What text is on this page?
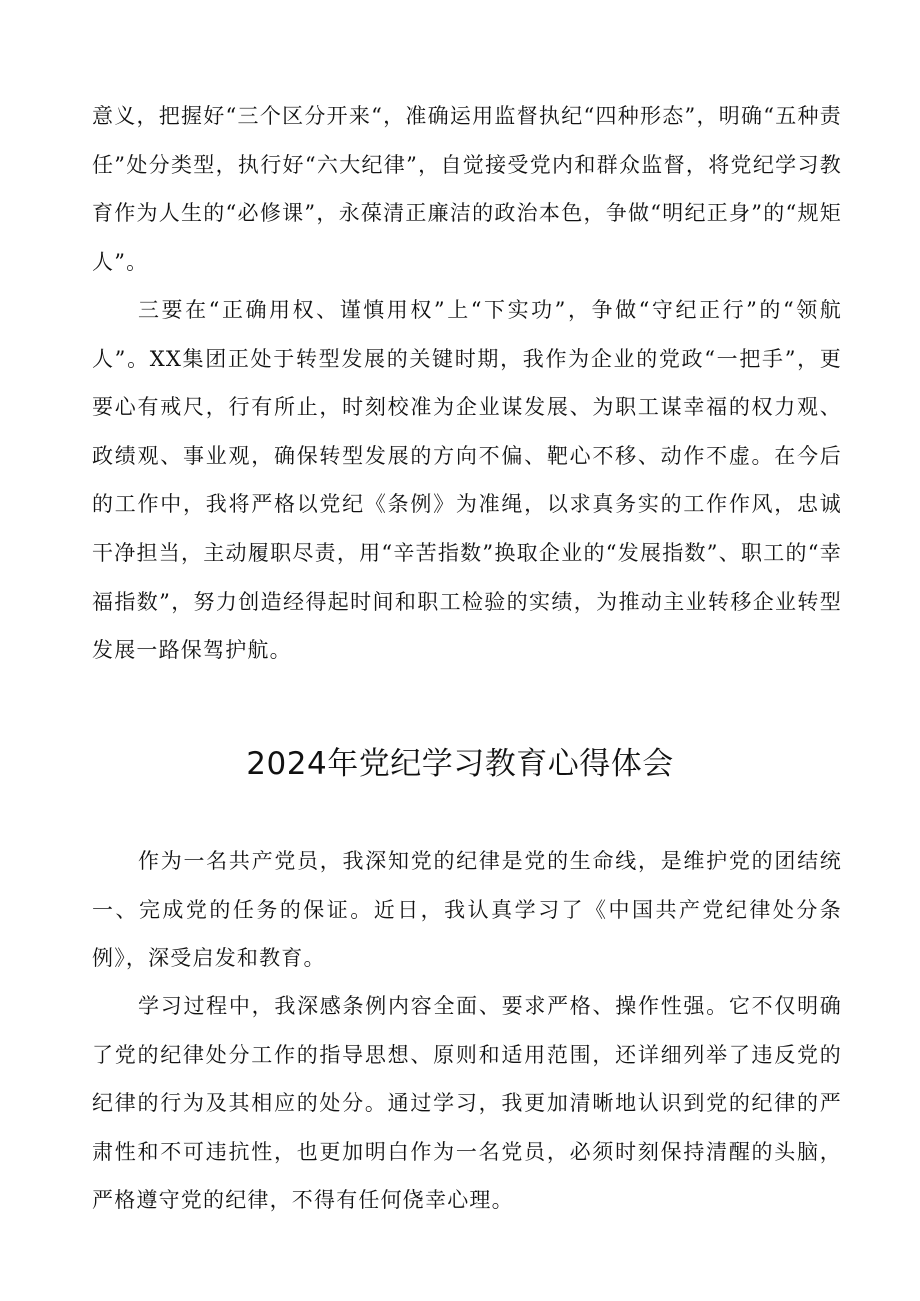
意义，把握好“三个区分开来“，准确运用监督执纪“四种形态”，明确“五种责任”处分类型，执行好“六大纪律”，自觉接受党内和群众监督，将党纪学习教育作为人生的“必修课”，永葆清正廉洁的政治本色，争做“明纪正身”的“规矩人”。

三要在“正确用权、谨慎用权”上“下实功”，争做“守纪正行”的“领航人”。XX集团正处于转型发展的关键时期，我作为企业的党政“一把手”，更要心有戒尺，行有所止，时刻校准为企业谋发展、为职工谋幸福的权力观、政绩观、事业观，确保转型发展的方向不偏、靶心不移、动作不虚。在今后的工作中，我将严格以党纪《条例》为准绳，以求真务实的工作作风，忠诚干净担当，主动履职尽责，用“辛苦指数”换取企业的“发展指数”、职工的“幸福指数”，努力创造经得起时间和职工检验的实绩，为推动主业转移企业转型发展一路保驾护航。

2024年党纪学习教育心得体会

作为一名共产党员，我深知党的纪律是党的生命线，是维护党的团结统一、完成党的任务的保证。近日，我认真学习了《中国共产党纪律处分条例》，深受启发和教育。

学习过程中，我深感条例内容全面、要求严格、操作性强。它不仅明确了党的纪律处分工作的指导思想、原则和适用范围，还详细列举了违反党的纪律的行为及其相应的处分。通过学习，我更加清晰地认识到党的纪律的严肃性和不可违抗性，也更加明白作为一名党员，必须时刻保持清醒的头脑，严格遵守党的纪律，不得有任何侥幸心理。
